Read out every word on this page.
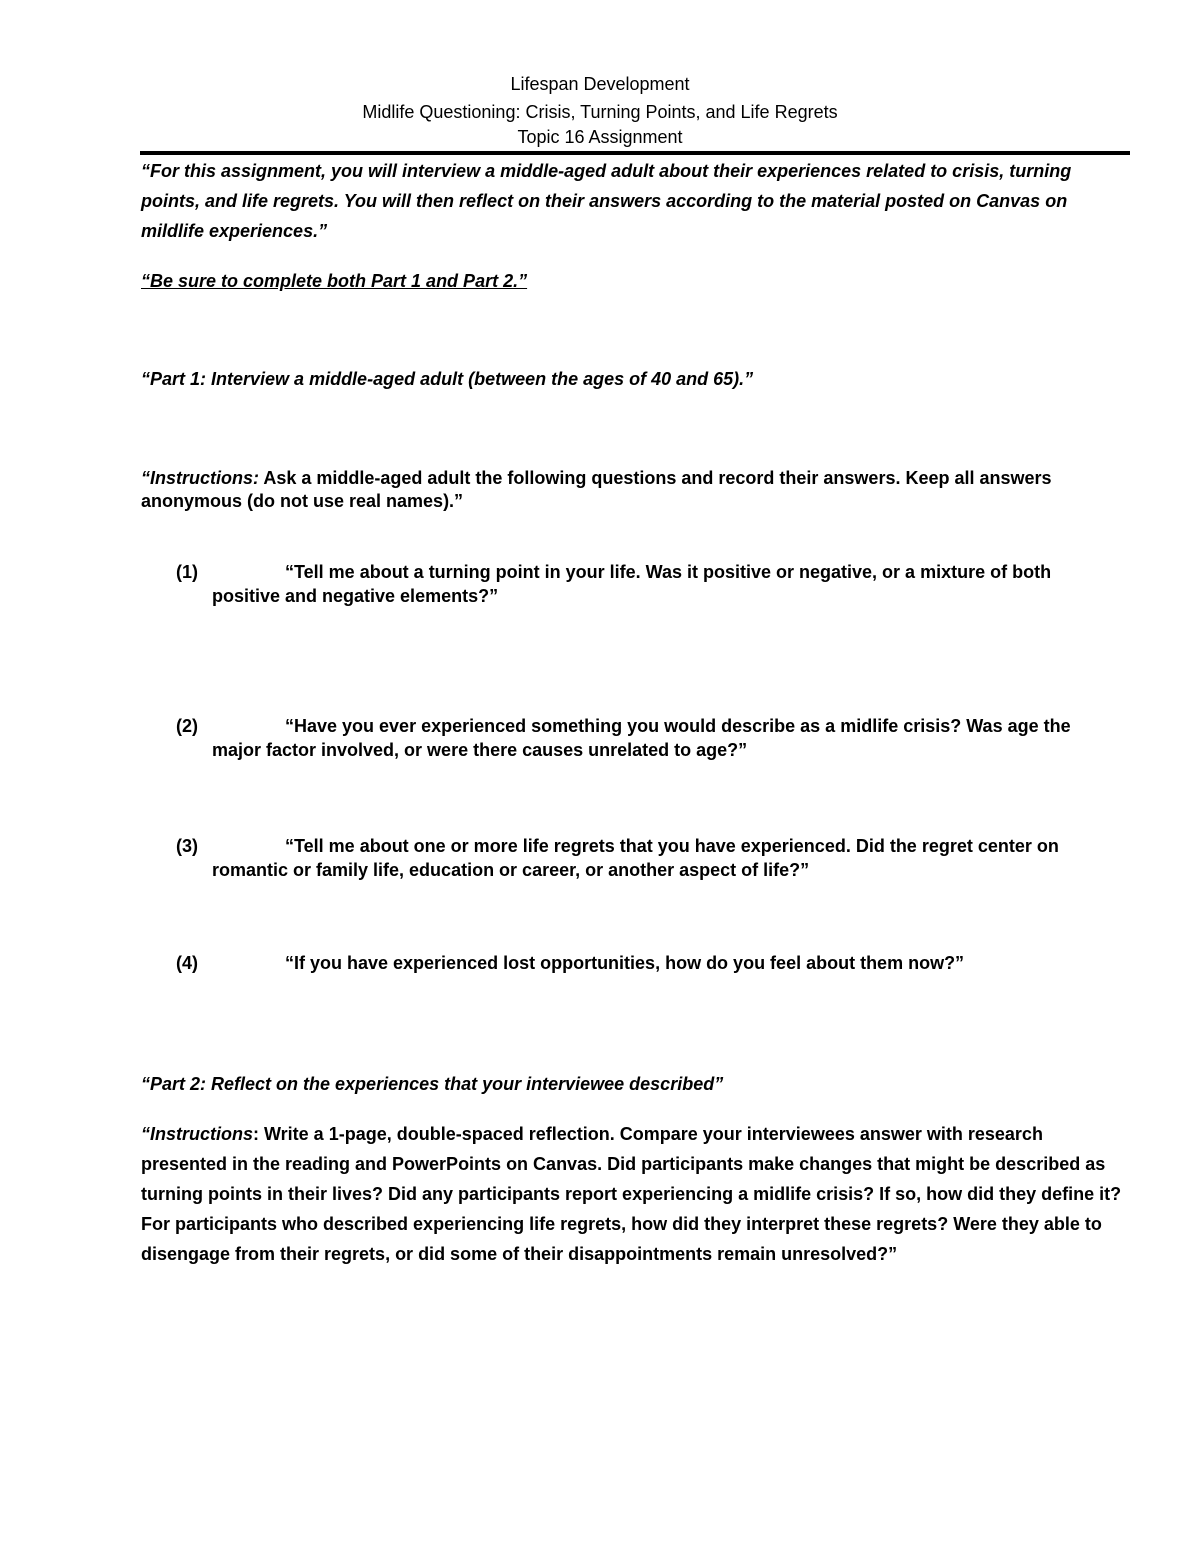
Lifespan Development
Midlife Questioning: Crisis, Turning Points, and Life Regrets
Topic 16 Assignment
“For this assignment, you will interview a middle-aged adult about their experiences related to crisis, turning points, and life regrets. You will then reflect on their answers according to the material posted on Canvas on mildlife experiences.”
“Be sure to complete both Part 1 and Part 2.”
“Part 1: Interview a middle-aged adult (between the ages of 40 and 65).”
“Instructions: Ask a middle-aged adult the following questions and record their answers. Keep all answers anonymous (do not use real names).”
(1)	“Tell me about a turning point in your life. Was it positive or negative, or a mixture of both positive and negative elements?”
(2)	“Have you ever experienced something you would describe as a midlife crisis? Was age the major factor involved, or were there causes unrelated to age?”
(3)	“Tell me about one or more life regrets that you have experienced. Did the regret center on romantic or family life, education or career, or another aspect of life?”
(4)	“If you have experienced lost opportunities, how do you feel about them now?”
“Part 2: Reflect on the experiences that your interviewee described”
“Instructions: Write a 1-page, double-spaced reflection. Compare your interviewees answer with research presented in the reading and PowerPoints on Canvas. Did participants make changes that might be described as turning points in their lives? Did any participants report experiencing a midlife crisis? If so, how did they define it? For participants who described experiencing life regrets, how did they interpret these regrets? Were they able to disengage from their regrets, or did some of their disappointments remain unresolved?”
